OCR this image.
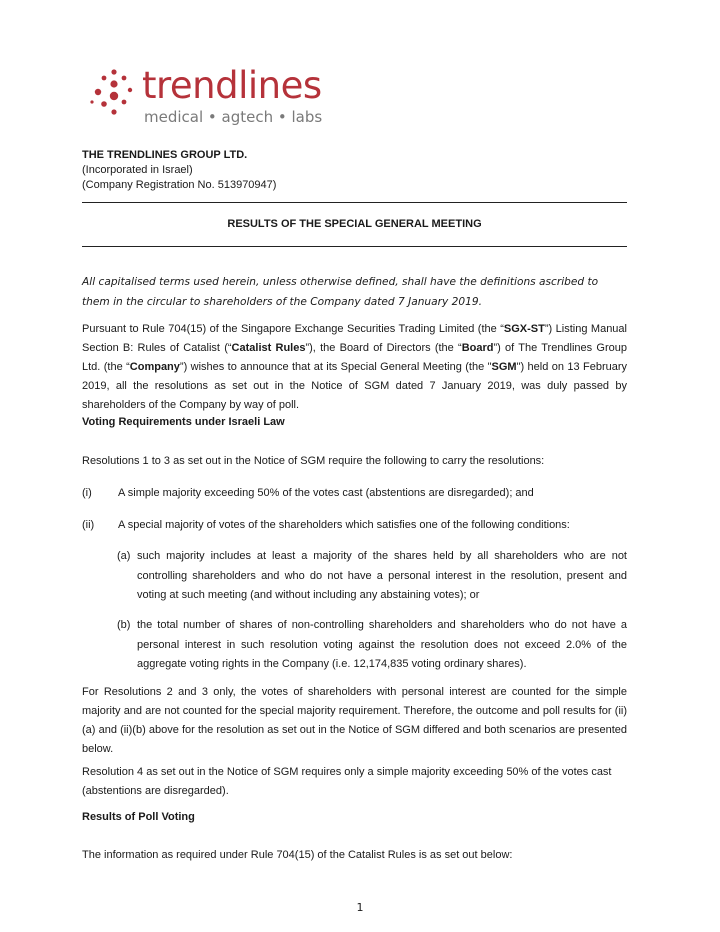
trendlines
medical • agtech • labs
THE TRENDLINES GROUP LTD.
(Incorporated in Israel)
(Company Registration No. 513970947)
RESULTS OF THE SPECIAL GENERAL MEETING
All capitalised terms used herein, unless otherwise defined, shall have the definitions ascribed to them in the circular to shareholders of the Company dated 7 January 2019.
Pursuant to Rule 704(15) of the Singapore Exchange Securities Trading Limited (the “SGX-ST”) Listing Manual Section B: Rules of Catalist (“Catalist Rules”), the Board of Directors (the “Board”) of The Trendlines Group Ltd. (the “Company”) wishes to announce that at its Special General Meeting (the "SGM") held on 13 February 2019, all the resolutions as set out in the Notice of SGM dated 7 January 2019, was duly passed by shareholders of the Company by way of poll.
Voting Requirements under Israeli Law
Resolutions 1 to 3 as set out in the Notice of SGM require the following to carry the resolutions:
(i) A simple majority exceeding 50% of the votes cast (abstentions are disregarded); and
(ii) A special majority of votes of the shareholders which satisfies one of the following conditions:
(a) such majority includes at least a majority of the shares held by all shareholders who are not controlling shareholders and who do not have a personal interest in the resolution, present and voting at such meeting (and without including any abstaining votes); or
(b) the total number of shares of non-controlling shareholders and shareholders who do not have a personal interest in such resolution voting against the resolution does not exceed 2.0% of the aggregate voting rights in the Company (i.e. 12,174,835 voting ordinary shares).
For Resolutions 2 and 3 only, the votes of shareholders with personal interest are counted for the simple majority and are not counted for the special majority requirement. Therefore, the outcome and poll results for (ii)(a) and (ii)(b) above for the resolution as set out in the Notice of SGM differed and both scenarios are presented below.
Resolution 4 as set out in the Notice of SGM requires only a simple majority exceeding 50% of the votes cast (abstentions are disregarded).
Results of Poll Voting
The information as required under Rule 704(15) of the Catalist Rules is as set out below:
1
